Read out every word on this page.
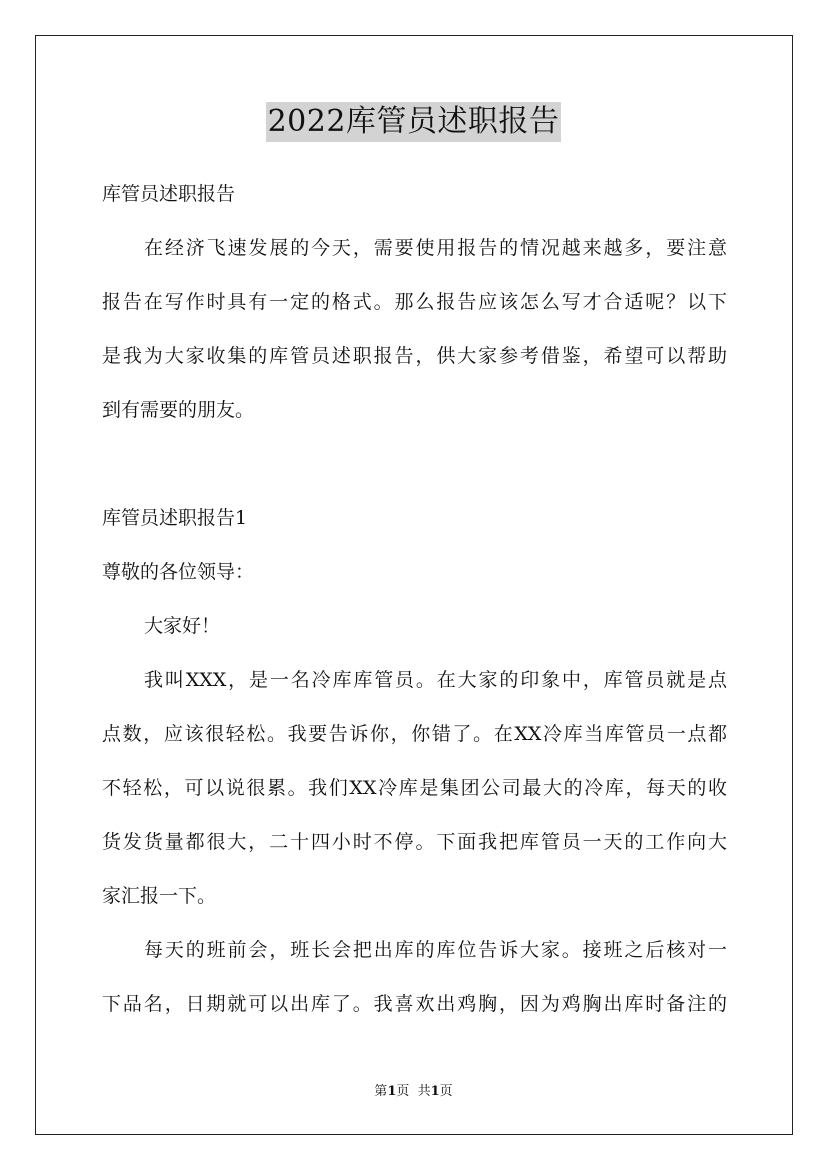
2022库管员述职报告
库管员述职报告
在经济飞速发展的今天，需要使用报告的情况越来越多，要注意
报告在写作时具有一定的格式。那么报告应该怎么写才合适呢？以下
是我为大家收集的库管员述职报告，供大家参考借鉴，希望可以帮助
到有需要的朋友。
库管员述职报告1
尊敬的各位领导：
大家好！
我叫XXX，是一名冷库库管员。在大家的印象中，库管员就是点
点数，应该很轻松。我要告诉你，你错了。在XX冷库当库管员一点都
不轻松，可以说很累。我们XX冷库是集团公司最大的冷库，每天的收
货发货量都很大，二十四小时不停。下面我把库管员一天的工作向大
家汇报一下。
每天的班前会，班长会把出库的库位告诉大家。接班之后核对一
下品名，日期就可以出库了。我喜欢出鸡胸，因为鸡胸出库时备注的
第1页  共1页
